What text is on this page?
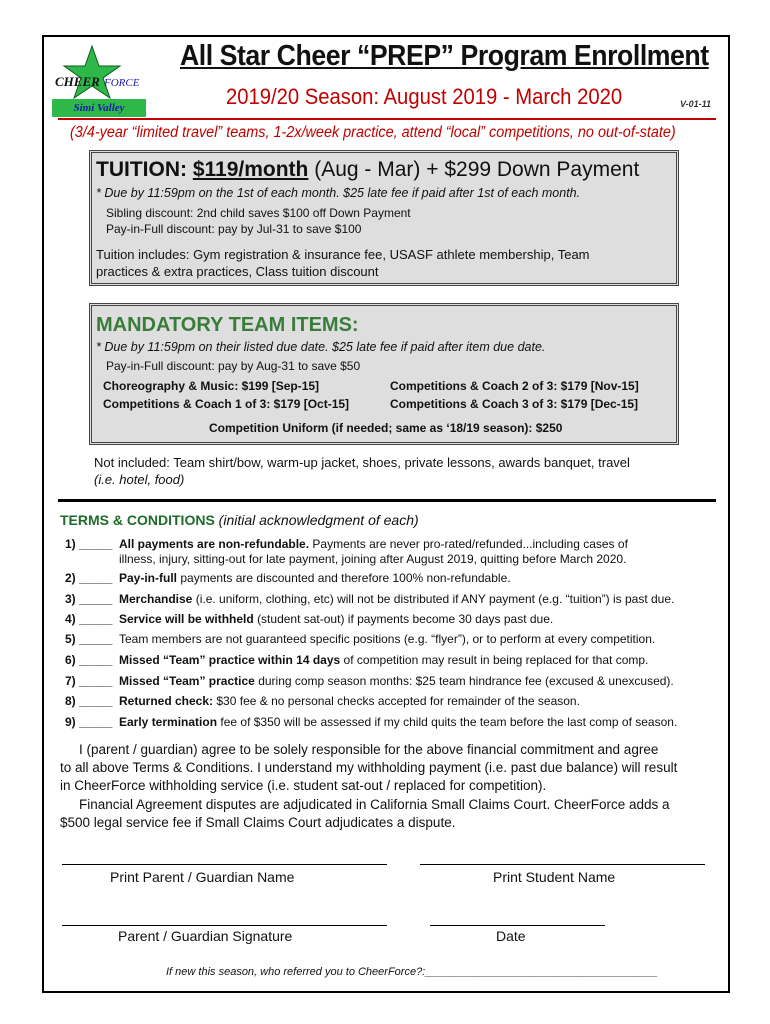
CHEER FORCE
Simi Valley
All Star Cheer “PREP” Program Enrollment
2019/20 Season: August 2019 - March 2020	V-01-11
(3/4-year “limited travel” teams, 1-2x/week practice, attend “local” competitions, no out-of-state)
TUITION: $119/month (Aug - Mar) + $299 Down Payment
* Due by 11:59pm on the 1st of each month. $25 late fee if paid after 1st of each month.
Sibling discount: 2nd child saves $100 off Down Payment
Pay-in-Full discount: pay by Jul-31 to save $100
Tuition includes: Gym registration & insurance fee, USASF athlete membership, Team
practices & extra practices, Class tuition discount
MANDATORY TEAM ITEMS:
* Due by 11:59pm on their listed due date. $25 late fee if paid after item due date.
Pay-in-Full discount: pay by Aug-31 to save $50
Choreography & Music: $199 [Sep-15]	Competitions & Coach 2 of 3: $179 [Nov-15]
Competitions & Coach 1 of 3: $179 [Oct-15]	Competitions & Coach 3 of 3: $179 [Dec-15]
Competition Uniform (if needed; same as ‘18/19 season): $250
Not included: Team shirt/bow, warm-up jacket, shoes, private lessons, awards banquet, travel
(i.e. hotel, food)
TERMS & CONDITIONS (initial acknowledgment of each)
1) _____ All payments are non-refundable. Payments are never pro-rated/refunded...including cases of
illness, injury, sitting-out for late payment, joining after August 2019, quitting before March 2020.
2) _____ Pay-in-full payments are discounted and therefore 100% non-refundable.
3) _____ Merchandise (i.e. uniform, clothing, etc) will not be distributed if ANY payment (e.g. “tuition”) is past due.
4) _____ Service will be withheld (student sat-out) if payments become 30 days past due.
5) _____ Team members are not guaranteed specific positions (e.g. “flyer”), or to perform at every competition.
6) _____ Missed “Team” practice within 14 days of competition may result in being replaced for that comp.
7) _____ Missed “Team” practice during comp season months: $25 team hindrance fee (excused & unexcused).
8) _____ Returned check: $30 fee & no personal checks accepted for remainder of the season.
9) _____ Early termination fee of $350 will be assessed if my child quits the team before the last comp of season.
I (parent / guardian) agree to be solely responsible for the above financial commitment and agree
to all above Terms & Conditions. I understand my withholding payment (i.e. past due balance) will result
in CheerForce withholding service (i.e. student sat-out / replaced for competition).
Financial Agreement disputes are adjudicated in California Small Claims Court. CheerForce adds a
$500 legal service fee if Small Claims Court adjudicates a dispute.
Print Parent / Guardian Name	Print Student Name
Parent / Guardian Signature	Date
If new this season, who referred you to CheerForce?:______________________________________
